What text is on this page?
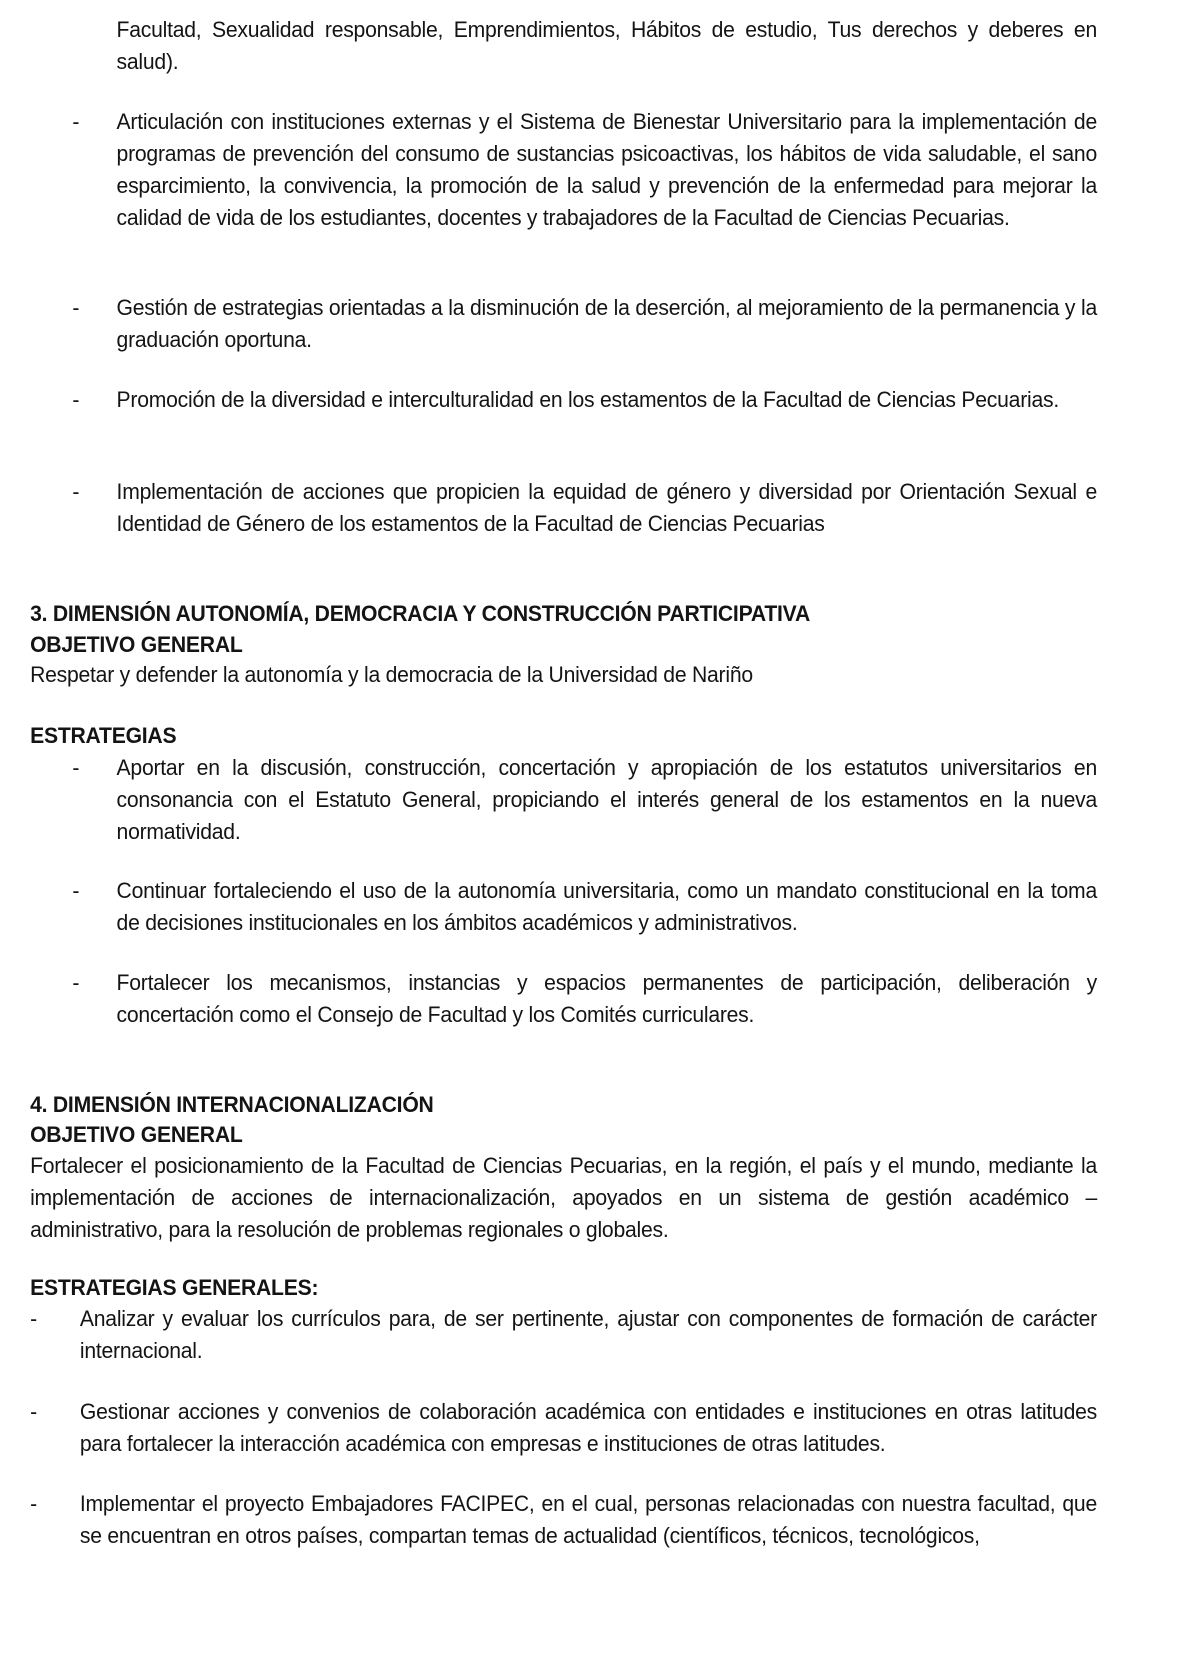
Facultad, Sexualidad responsable, Emprendimientos, Hábitos de estudio, Tus derechos y deberes en salud).

- Articulación con instituciones externas y el Sistema de Bienestar Universitario para la implementación de programas de prevención del consumo de sustancias psicoactivas, los hábitos de vida saludable, el sano esparcimiento, la convivencia, la promoción de la salud y prevención de la enfermedad para mejorar la calidad de vida de los estudiantes, docentes y trabajadores de la Facultad de Ciencias Pecuarias.

- Gestión de estrategias orientadas a la disminución de la deserción, al mejoramiento de la permanencia y la graduación oportuna.

- Promoción de la diversidad e interculturalidad en los estamentos de la Facultad de Ciencias Pecuarias.

- Implementación de acciones que propicien la equidad de género y diversidad por Orientación Sexual e Identidad de Género de los estamentos de la Facultad de Ciencias Pecuarias

3. DIMENSIÓN AUTONOMÍA, DEMOCRACIA Y CONSTRUCCIÓN PARTICIPATIVA

OBJETIVO GENERAL

Respetar y defender la autonomía y la democracia de la Universidad de Nariño

ESTRATEGIAS

- Aportar en la discusión, construcción, concertación y apropiación de los estatutos universitarios en consonancia con el Estatuto General, propiciando el interés general de los estamentos en la nueva normatividad.

- Continuar fortaleciendo el uso de la autonomía universitaria, como un mandato constitucional en la toma de decisiones institucionales en los ámbitos académicos y administrativos.

- Fortalecer los mecanismos, instancias y espacios permanentes de participación, deliberación y concertación como el Consejo de Facultad y los Comités curriculares.

4. DIMENSIÓN INTERNACIONALIZACIÓN

OBJETIVO GENERAL

Fortalecer el posicionamiento de la Facultad de Ciencias Pecuarias, en la región, el país y el mundo, mediante la implementación de acciones de internacionalización, apoyados en un sistema de gestión académico – administrativo, para la resolución de problemas regionales o globales.

ESTRATEGIAS GENERALES:

- Analizar y evaluar los currículos para, de ser pertinente, ajustar con componentes de formación de carácter internacional.

- Gestionar acciones y convenios de colaboración académica con entidades e instituciones en otras latitudes para fortalecer la interacción académica con empresas e instituciones de otras latitudes.

- Implementar el proyecto Embajadores FACIPEC, en el cual, personas relacionadas con nuestra facultad, que se encuentran en otros países, compartan temas de actualidad (científicos, técnicos, tecnológicos,
